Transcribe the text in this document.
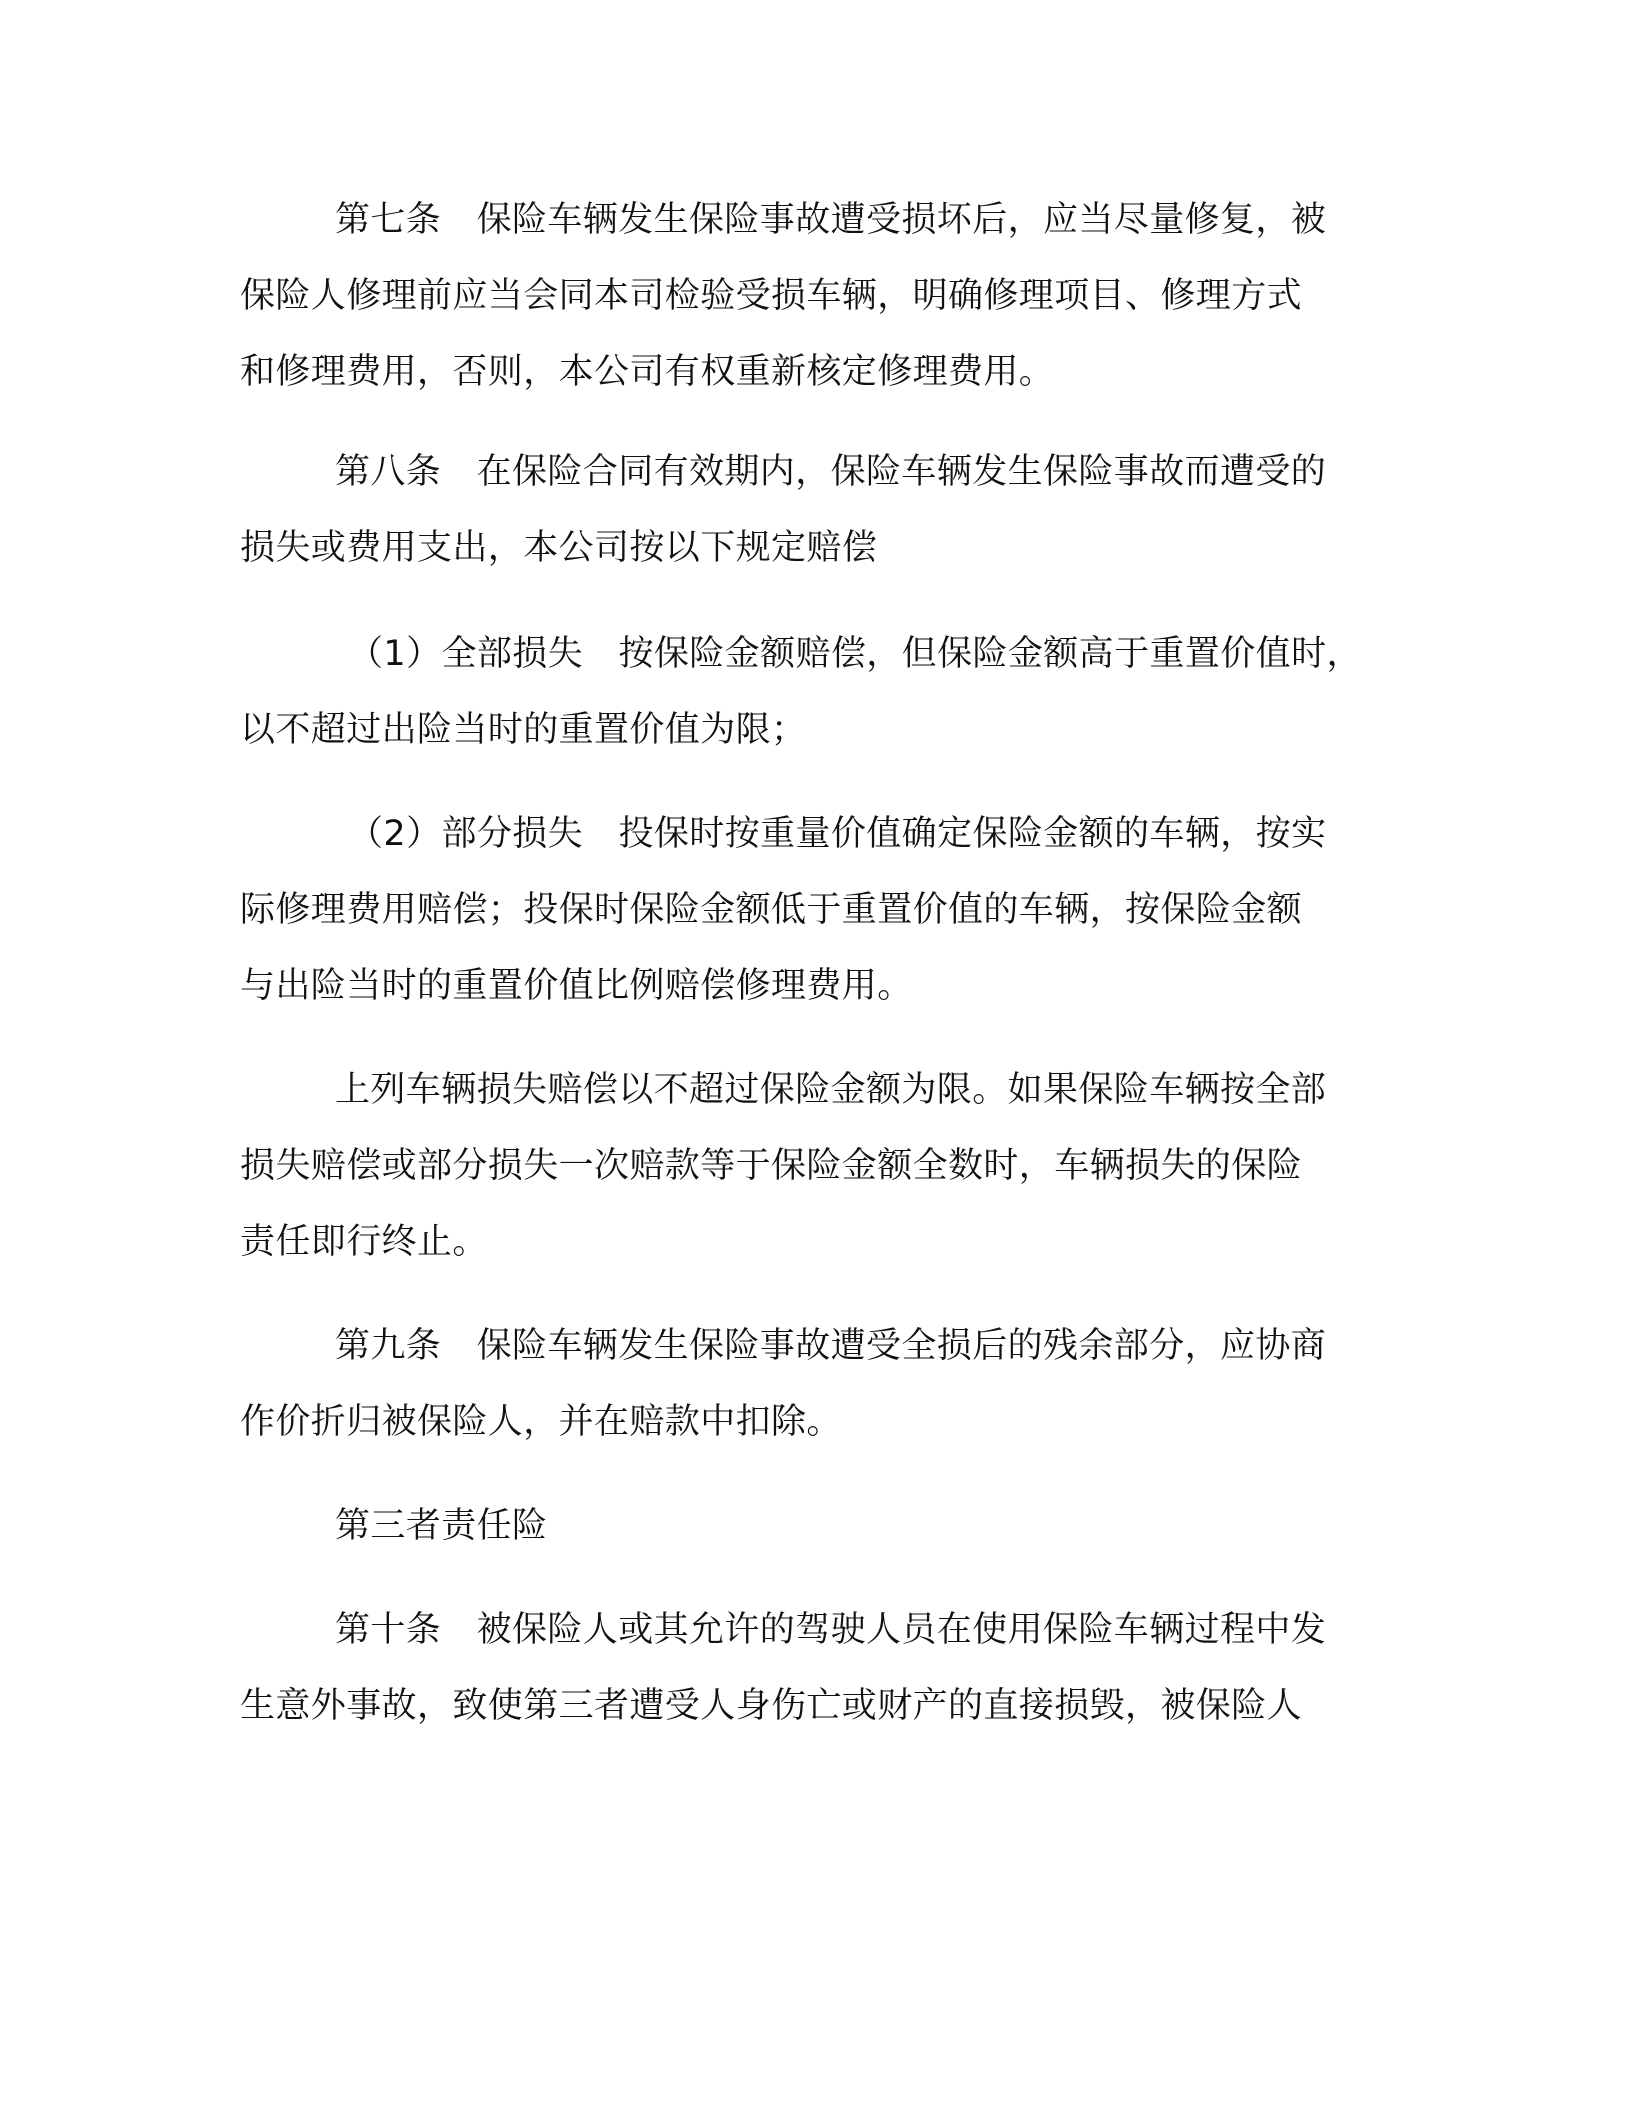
第七条　保险车辆发生保险事故遭受损坏后，应当尽量修复，被
保险人修理前应当会同本司检验受损车辆，明确修理项目、修理方式
和修理费用，否则，本公司有权重新核定修理费用。
第八条　在保险合同有效期内，保险车辆发生保险事故而遭受的
损失或费用支出，本公司按以下规定赔偿
（1）全部损失　按保险金额赔偿，但保险金额高于重置价值时，
以不超过出险当时的重置价值为限；
（2）部分损失　投保时按重量价值确定保险金额的车辆，按实
际修理费用赔偿；投保时保险金额低于重置价值的车辆，按保险金额
与出险当时的重置价值比例赔偿修理费用。
上列车辆损失赔偿以不超过保险金额为限。如果保险车辆按全部
损失赔偿或部分损失一次赔款等于保险金额全数时，车辆损失的保险
责任即行终止。
第九条　保险车辆发生保险事故遭受全损后的残余部分，应协商
作价折归被保险人，并在赔款中扣除。
第三者责任险
第十条　被保险人或其允许的驾驶人员在使用保险车辆过程中发
生意外事故，致使第三者遭受人身伤亡或财产的直接损毁，被保险人
